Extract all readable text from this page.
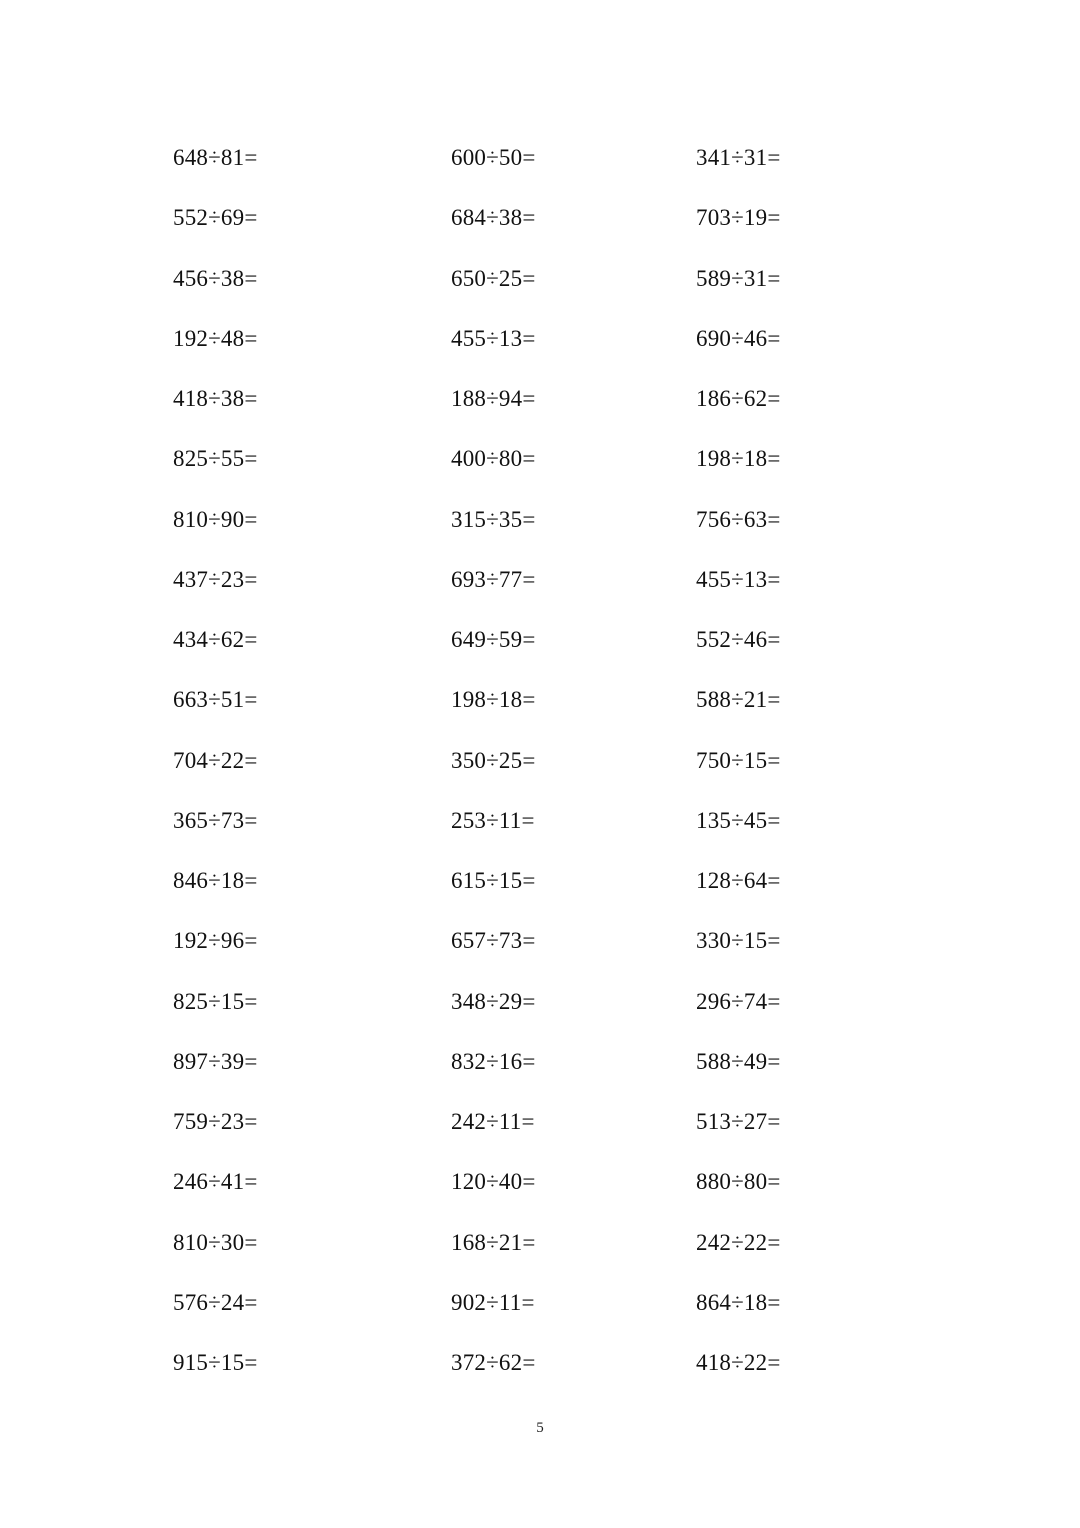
648÷81=	600÷50=	341÷31=
552÷69=	684÷38=	703÷19=
456÷38=	650÷25=	589÷31=
192÷48=	455÷13=	690÷46=
418÷38=	188÷94=	186÷62=
825÷55=	400÷80=	198÷18=
810÷90=	315÷35=	756÷63=
437÷23=	693÷77=	455÷13=
434÷62=	649÷59=	552÷46=
663÷51=	198÷18=	588÷21=
704÷22=	350÷25=	750÷15=
365÷73=	253÷11=	135÷45=
846÷18=	615÷15=	128÷64=
192÷96=	657÷73=	330÷15=
825÷15=	348÷29=	296÷74=
897÷39=	832÷16=	588÷49=
759÷23=	242÷11=	513÷27=
246÷41=	120÷40=	880÷80=
810÷30=	168÷21=	242÷22=
576÷24=	902÷11=	864÷18=
915÷15=	372÷62=	418÷22=
5
